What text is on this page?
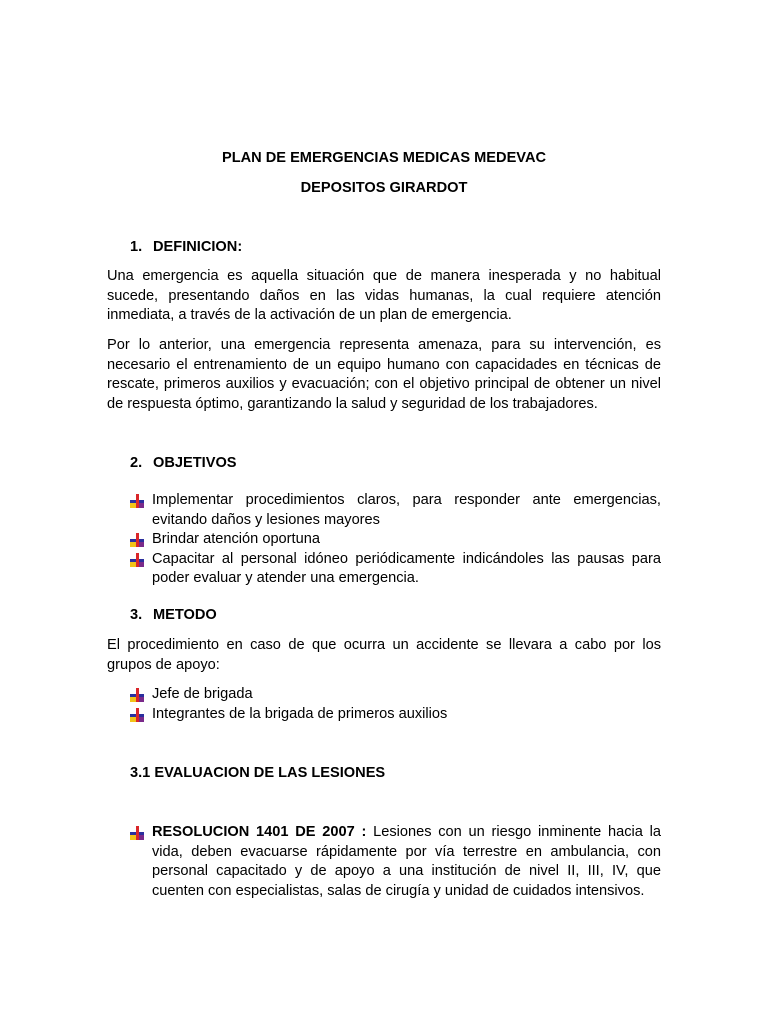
PLAN DE EMERGENCIAS MEDICAS MEDEVAC
DEPOSITOS GIRARDOT
1. DEFINICION:
Una emergencia es aquella situación que de manera inesperada y no habitual sucede, presentando daños en las vidas humanas, la cual requiere atención inmediata, a través de la activación de un plan de emergencia.
Por lo anterior, una emergencia representa amenaza, para su intervención, es necesario el entrenamiento de un equipo humano con capacidades en técnicas de rescate, primeros auxilios y evacuación; con el objetivo principal de obtener un nivel de respuesta óptimo, garantizando la salud y seguridad de los trabajadores.
2. OBJETIVOS
Implementar procedimientos claros, para responder ante emergencias, evitando daños y lesiones mayores
Brindar atención oportuna
Capacitar al personal idóneo periódicamente indicándoles las pausas para poder evaluar y atender una emergencia.
3. METODO
El procedimiento en caso de que ocurra un accidente se llevara a cabo por los grupos de apoyo:
Jefe de brigada
Integrantes de la brigada de primeros auxilios
3.1 EVALUACION DE LAS LESIONES
RESOLUCION 1401 DE 2007 : Lesiones con un riesgo inminente hacia la vida, deben evacuarse rápidamente por vía terrestre en ambulancia, con personal capacitado y de apoyo a una institución de nivel II, III, IV, que cuenten con especialistas, salas de cirugía y unidad de cuidados intensivos.
